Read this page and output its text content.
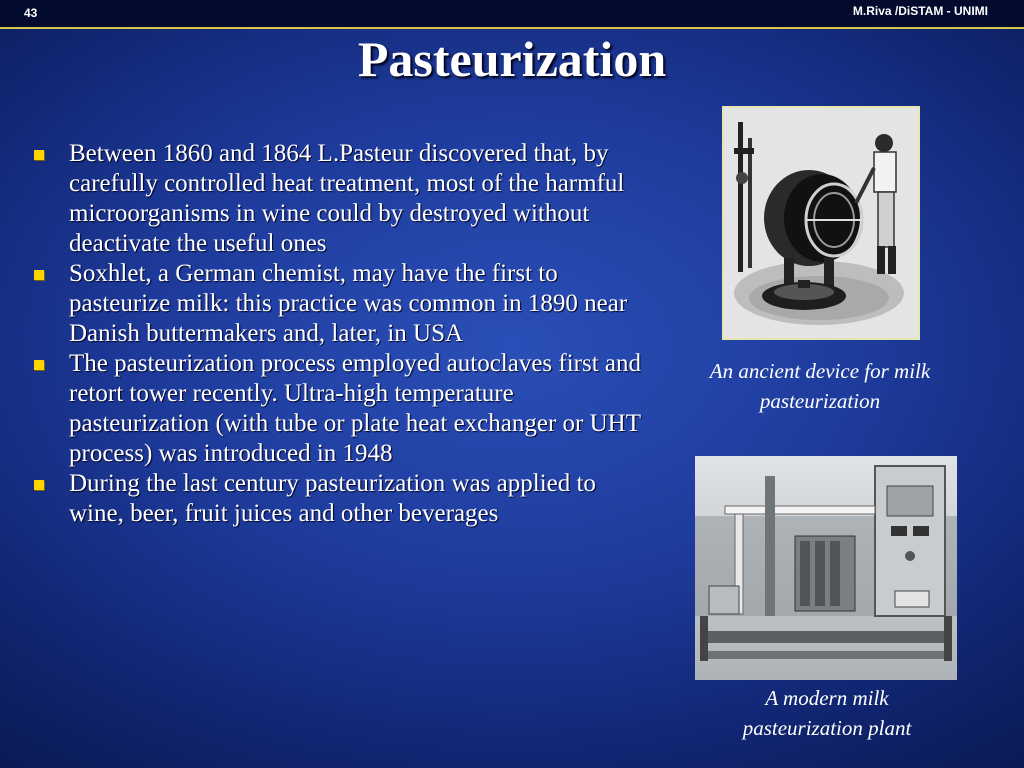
43	M.Riva /DiSTAM - UNIMI
Pasteurization
Between 1860 and 1864 L.Pasteur discovered that, by carefully controlled heat treatment, most of the harmful microorganisms in wine could by destroyed without deactivate the useful ones
Soxhlet, a German chemist, may have the first to pasteurize milk: this practice was common in 1890 near Danish buttermakers and, later, in USA
The pasteurization process employed autoclaves first and retort tower recently. Ultra-high temperature pasteurization (with tube or plate heat exchanger or UHT process) was introduced in 1948
During the last century pasteurization was applied to wine, beer, fruit juices and other beverages
An ancient device for milk pasteurization
A modern milk pasteurization plant
